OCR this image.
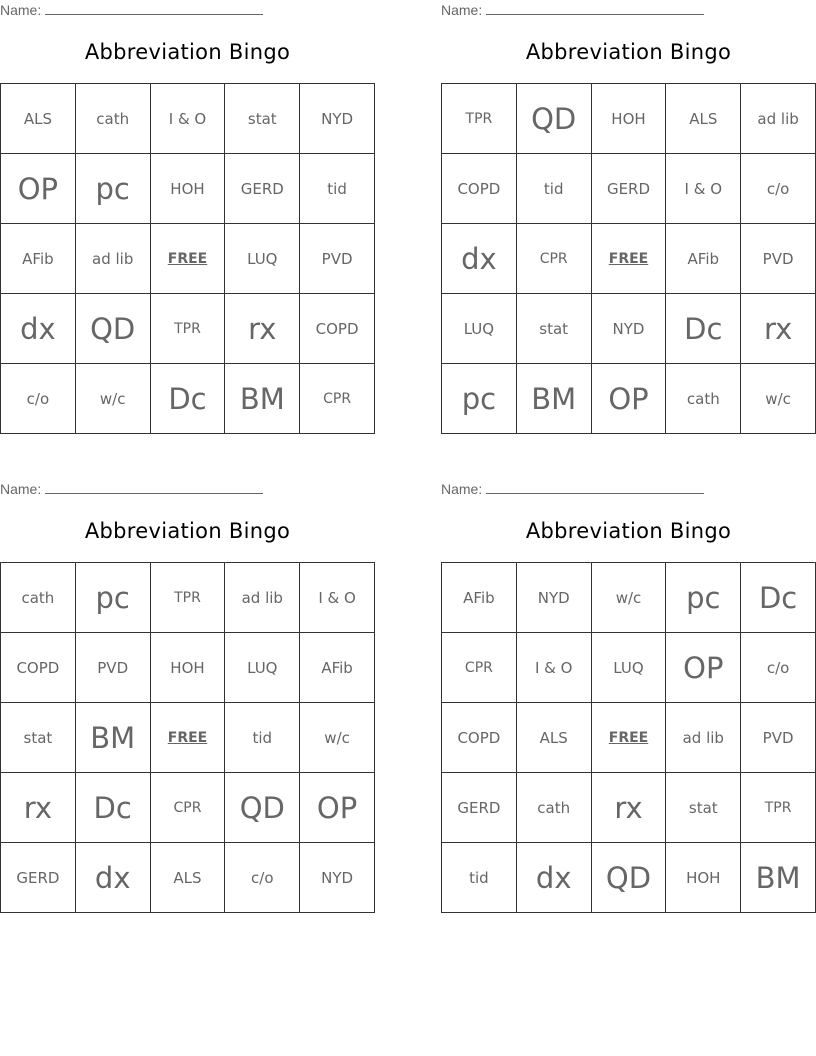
Name:
Abbreviation Bingo
ALS	cath	I & O	stat	NYD
OP	pc	HOH	GERD	tid
AFib	ad lib	FREE	LUQ	PVD
dx	QD	TPR	rx	COPD
c/o	w/c	Dc	BM	CPR
Name:
Abbreviation Bingo
TPR	QD	HOH	ALS	ad lib
COPD	tid	GERD	I & O	c/o
dx	CPR	FREE	AFib	PVD
LUQ	stat	NYD	Dc	rx
pc	BM	OP	cath	w/c
Name:
Abbreviation Bingo
cath	pc	TPR	ad lib	I & O
COPD	PVD	HOH	LUQ	AFib
stat	BM	FREE	tid	w/c
rx	Dc	CPR	QD	OP
GERD	dx	ALS	c/o	NYD
Name:
Abbreviation Bingo
AFib	NYD	w/c	pc	Dc
CPR	I & O	LUQ	OP	c/o
COPD	ALS	FREE	ad lib	PVD
GERD	cath	rx	stat	TPR
tid	dx	QD	HOH	BM
